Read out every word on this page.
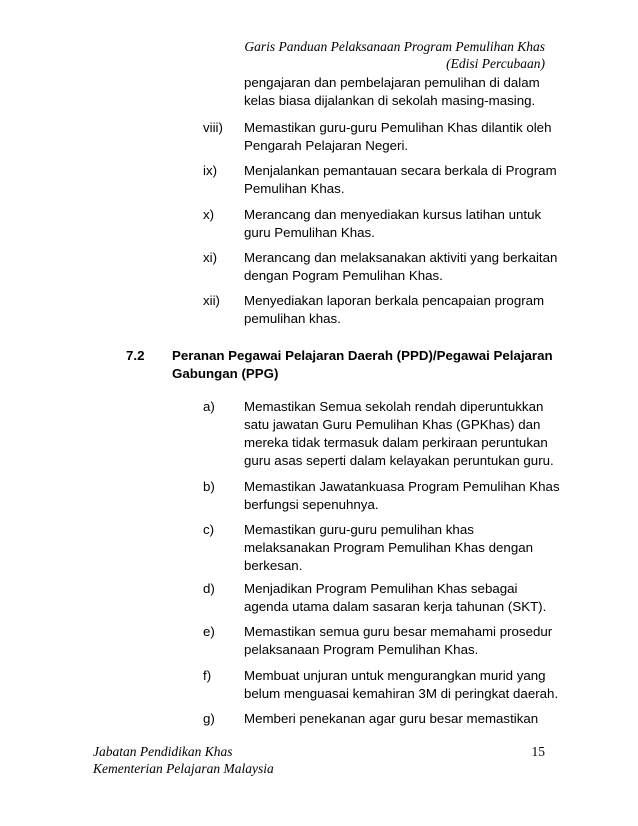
Garis Panduan Pelaksanaan Program Pemulihan Khas
(Edisi Percubaan)
pengajaran dan pembelajaran pemulihan di dalam kelas biasa dijalankan di sekolah masing-masing.
viii) Memastikan guru-guru Pemulihan Khas dilantik oleh Pengarah Pelajaran Negeri.
ix) Menjalankan pemantauan secara berkala di Program Pemulihan Khas.
x) Merancang dan menyediakan kursus latihan untuk guru Pemulihan Khas.
xi) Merancang dan melaksanakan aktiviti yang berkaitan dengan Pogram Pemulihan Khas.
xii) Menyediakan laporan berkala pencapaian program pemulihan khas.
7.2 Peranan Pegawai Pelajaran Daerah (PPD)/Pegawai Pelajaran Gabungan (PPG)
a) Memastikan Semua sekolah rendah diperuntukkan satu jawatan Guru Pemulihan Khas (GPKhas) dan mereka tidak termasuk dalam perkiraan peruntukan guru asas seperti dalam kelayakan peruntukan guru.
b) Memastikan Jawatankuasa Program Pemulihan Khas berfungsi sepenuhnya.
c) Memastikan guru-guru pemulihan khas melaksanakan Program Pemulihan Khas dengan berkesan.
d) Menjadikan Program Pemulihan Khas sebagai agenda utama dalam sasaran kerja tahunan (SKT).
e) Memastikan semua guru besar memahami prosedur pelaksanaan Program Pemulihan Khas.
f) Membuat unjuran untuk mengurangkan murid yang belum menguasai kemahiran 3M di peringkat daerah.
g) Memberi penekanan agar guru besar memastikan
Jabatan Pendidikan Khas
Kementerian Pelajaran Malaysia
15
